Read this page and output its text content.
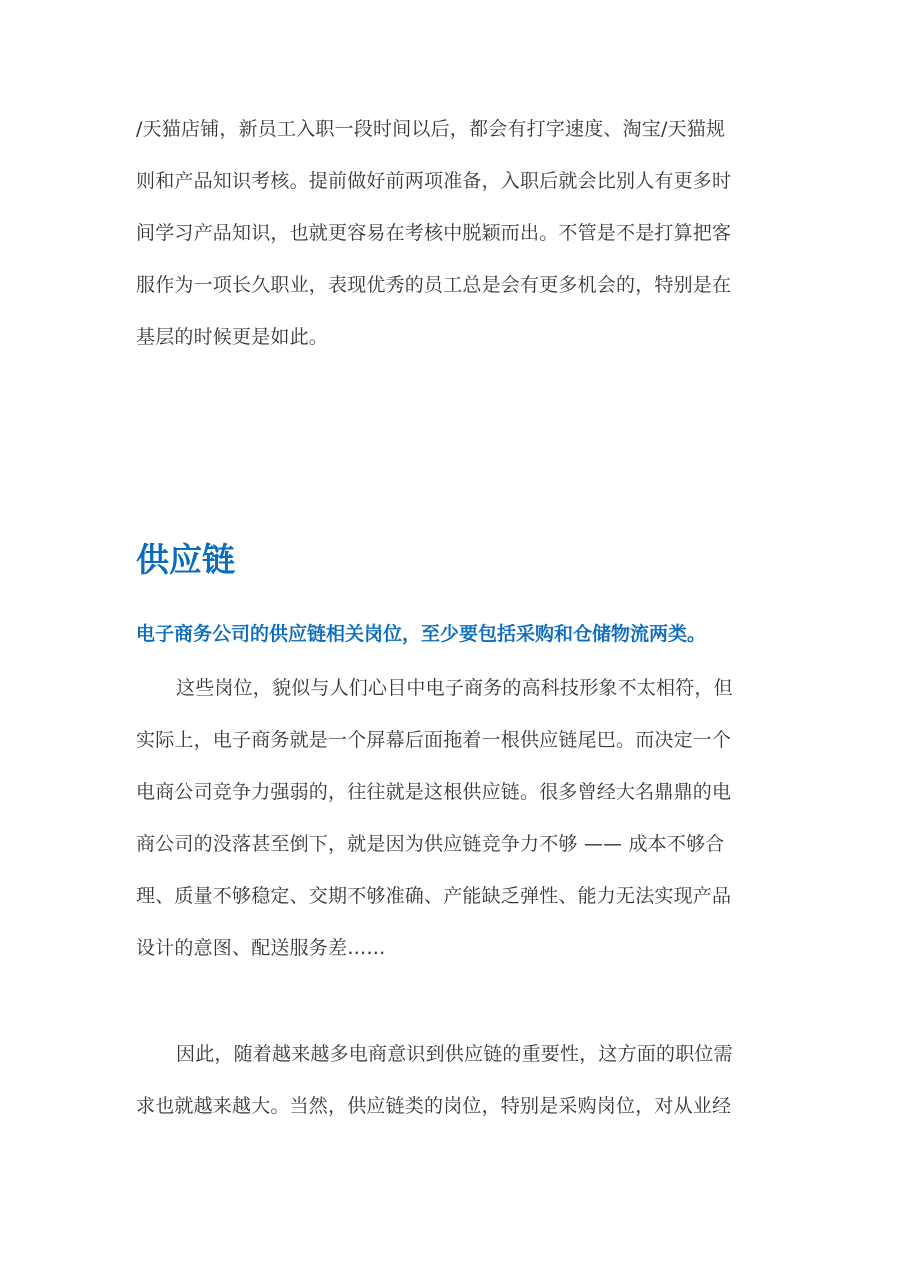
/天猫店铺，新员工入职一段时间以后，都会有打字速度、淘宝/天猫规
则和产品知识考核。提前做好前两项准备，入职后就会比别人有更多时
间学习产品知识，也就更容易在考核中脱颖而出。不管是不是打算把客
服作为一项长久职业，表现优秀的员工总是会有更多机会的，特别是在
基层的时候更是如此。
供应链

电子商务公司的供应链相关岗位，至少要包括采购和仓储物流两类。

这些岗位，貌似与人们心目中电子商务的高科技形象不太相符，但
实际上，电子商务就是一个屏幕后面拖着一根供应链尾巴。而决定一个
电商公司竞争力强弱的，往往就是这根供应链。很多曾经大名鼎鼎的电
商公司的没落甚至倒下，就是因为供应链竞争力不够 —— 成本不够合
理、质量不够稳定、交期不够准确、产能缺乏弹性、能力无法实现产品
设计的意图、配送服务差……
因此，随着越来越多电商意识到供应链的重要性，这方面的职位需
求也就越来越大。当然，供应链类的岗位，特别是采购岗位，对从业经
